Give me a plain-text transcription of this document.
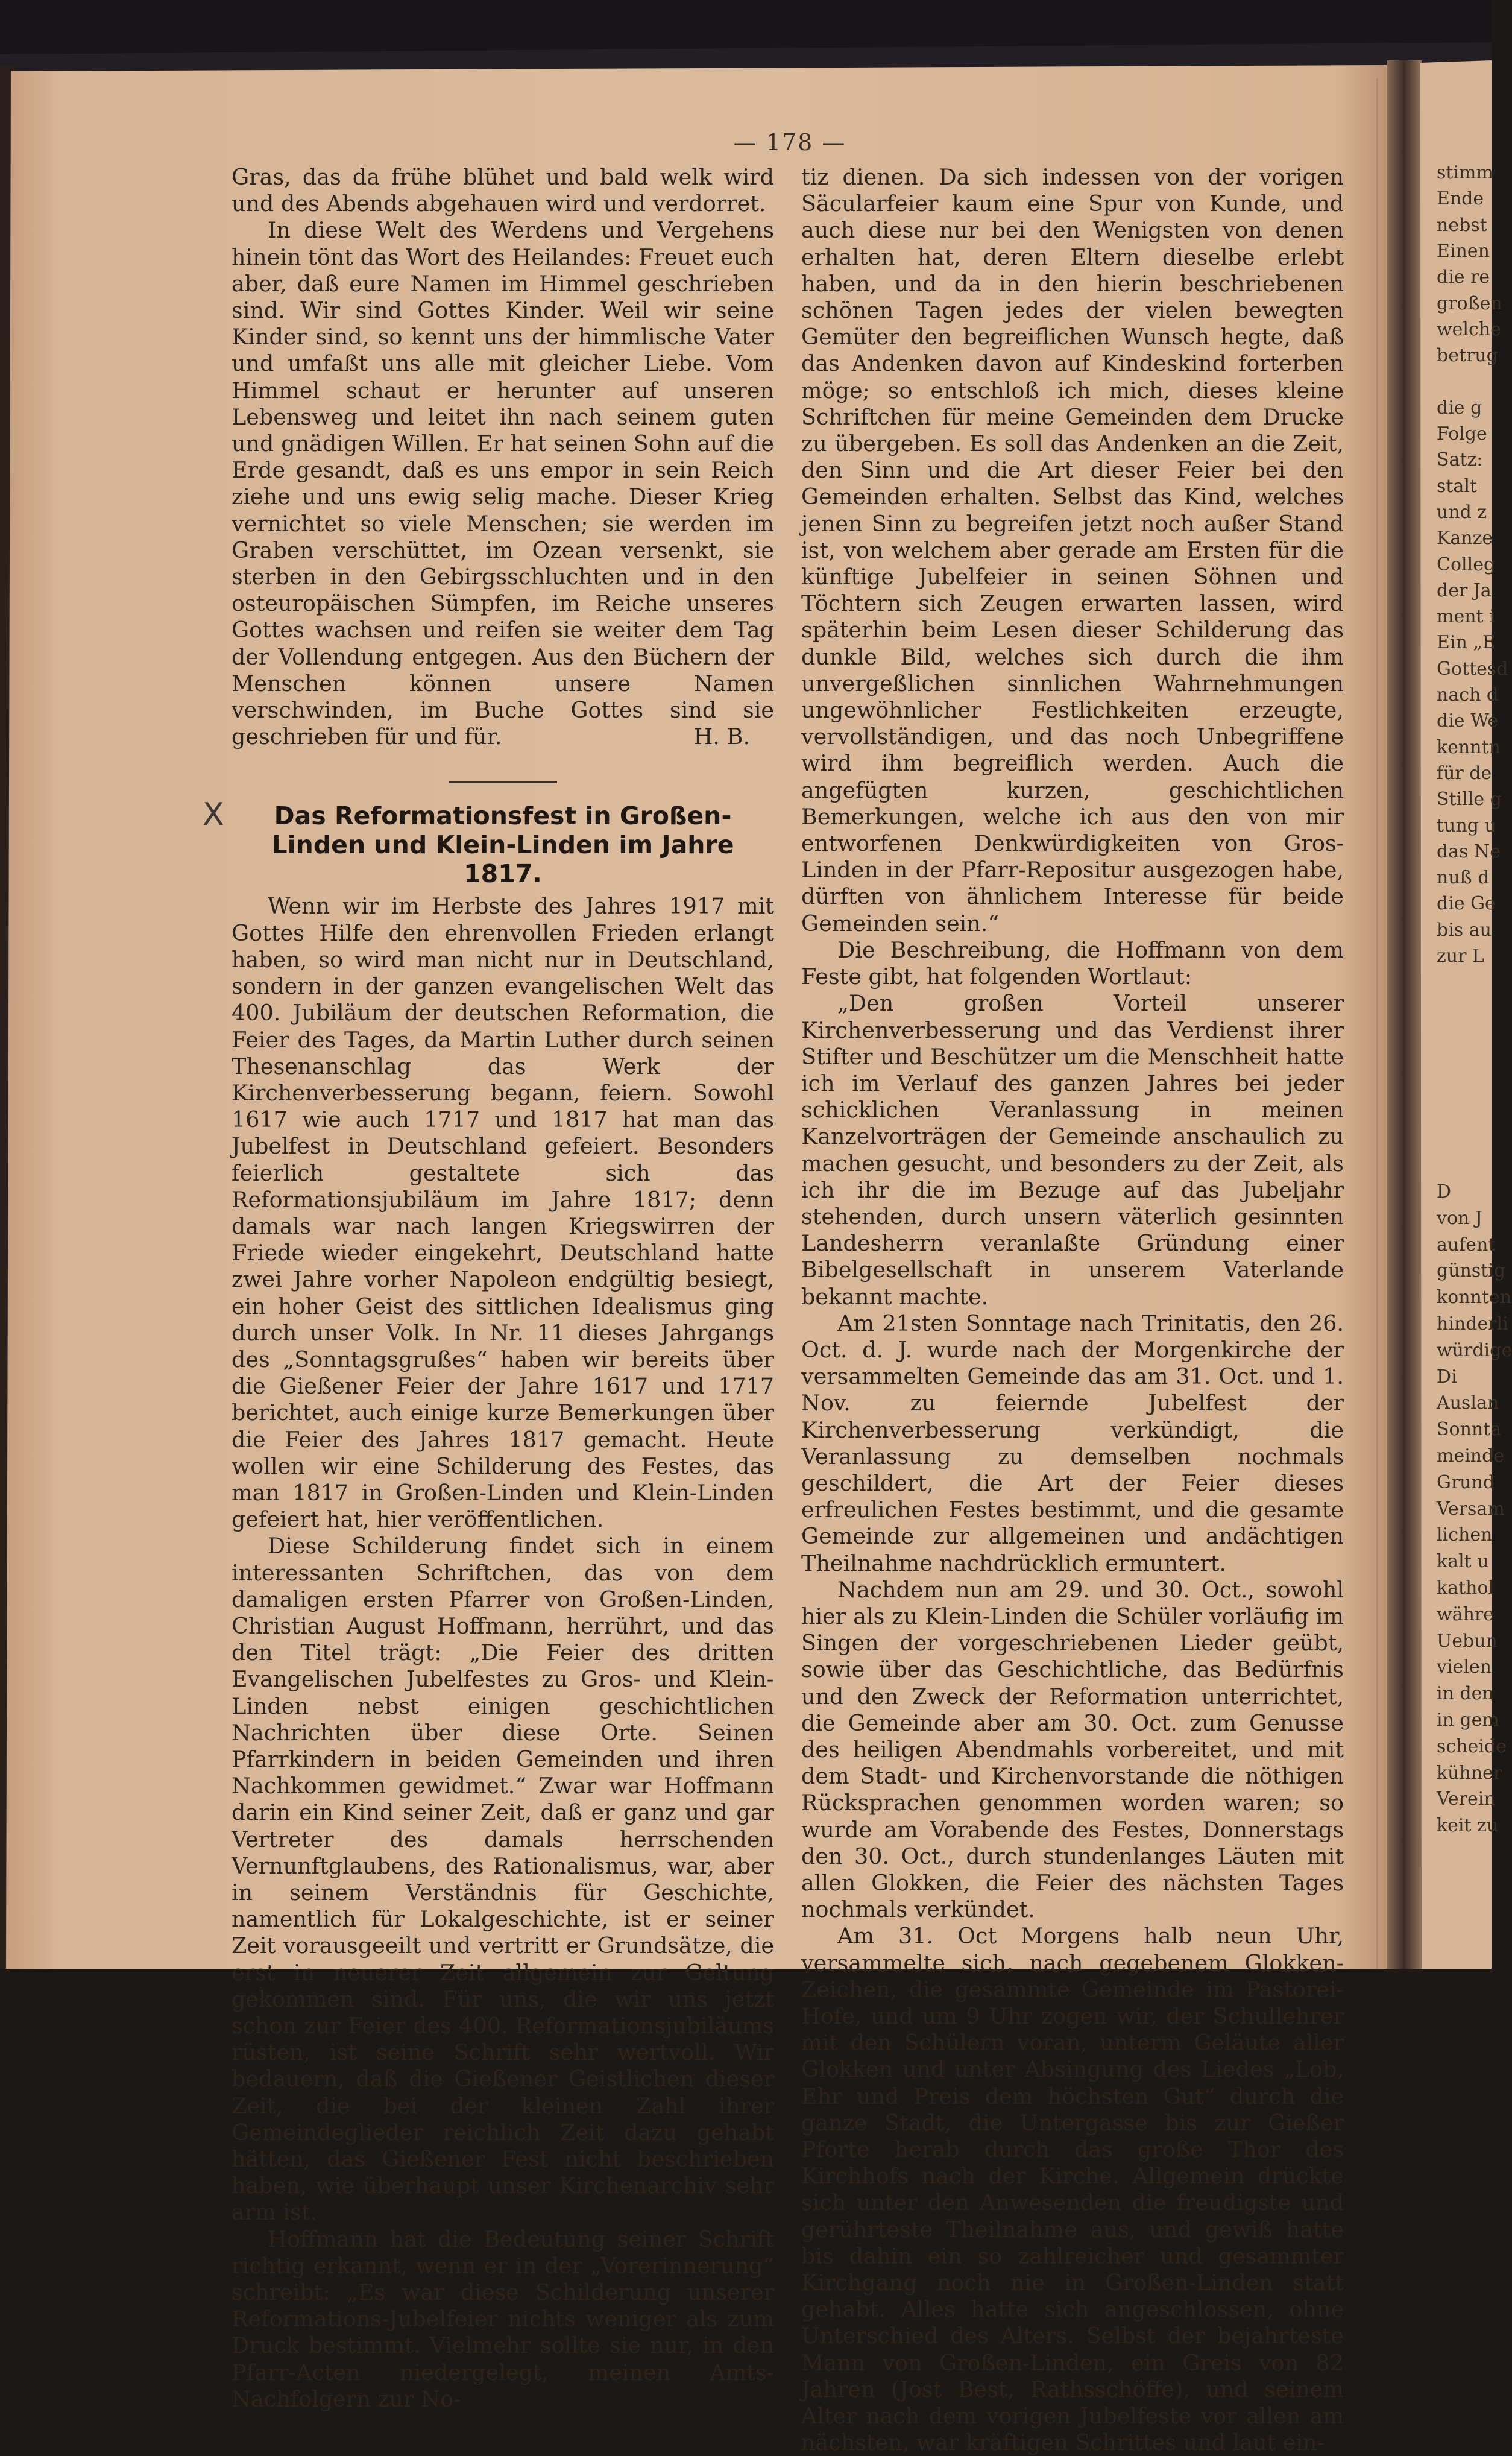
— 178 —

Gras, das da frühe blühet und bald welk wird und des Abends abgehauen wird und verdorret.

In diese Welt des Werdens und Vergehens hinein tönt das Wort des Heilandes: Freuet euch aber, daß eure Namen im Himmel geschrieben sind. Wir sind Gottes Kinder. Weil wir seine Kinder sind, so kennt uns der himmlische Vater und umfaßt uns alle mit gleicher Liebe. Vom Himmel schaut er herunter auf unseren Lebensweg und leitet ihn nach seinem guten und gnädigen Willen. Er hat seinen Sohn auf die Erde gesandt, daß es uns empor in sein Reich ziehe und uns ewig selig mache. Dieser Krieg vernichtet so viele Menschen; sie werden im Graben verschüttet, im Ozean versenkt, sie sterben in den Gebirgsschluchten und in den osteuropäischen Sümpfen, im Reiche unseres Gottes wachsen und reifen sie weiter dem Tag der Vollendung entgegen. Aus den Büchern der Menschen können unsere Namen verschwinden, im Buche Gottes sind sie geschrieben für und für.	H. B.
X Das Reformationsfest in Großen-Linden und Klein-Linden im Jahre 1817.

Wenn wir im Herbste des Jahres 1917 mit Gottes Hilfe den ehrenvollen Frieden erlangt haben, so wird man nicht nur in Deutschland, sondern in der ganzen evangelischen Welt das 400. Jubiläum der deutschen Reformation, die Feier des Tages, da Martin Luther durch seinen Thesenanschlag das Werk der Kirchenverbesserung begann, feiern. Sowohl 1617 wie auch 1717 und 1817 hat man das Jubelfest in Deutschland gefeiert. Besonders feierlich gestaltete sich das Reformationsjubiläum im Jahre 1817; denn damals war nach langen Kriegswirren der Friede wieder eingekehrt, Deutschland hatte zwei Jahre vorher Napoleon endgültig besiegt, ein hoher Geist des sittlichen Idealismus ging durch unser Volk. In Nr. 11 dieses Jahrgangs des „Sonntagsgrußes“ haben wir bereits über die Gießener Feier der Jahre 1617 und 1717 berichtet, auch einige kurze Bemerkungen über die Feier des Jahres 1817 gemacht. Heute wollen wir eine Schilderung des Festes, das man 1817 in Großen-Linden und Klein-Linden gefeiert hat, hier veröffentlichen.

Diese Schilderung findet sich in einem interessanten Schriftchen, das von dem damaligen ersten Pfarrer von Großen-Linden, Christian August Hoffmann, herrührt, und das den Titel trägt: „Die Feier des dritten Evangelischen Jubelfestes zu Gros- und Klein-Linden nebst einigen geschichtlichen Nachrichten über diese Orte. Seinen Pfarrkindern in beiden Gemeinden und ihren Nachkommen gewidmet.“ Zwar war Hoffmann darin ein Kind seiner Zeit, daß er ganz und gar Vertreter des damals herrschenden Vernunftglaubens, des Rationalismus, war, aber in seinem Verständnis für Geschichte, namentlich für Lokalgeschichte, ist er seiner Zeit vorausgeeilt und vertritt er Grundsätze, die erst in neuerer Zeit allgemein zur Geltung gekommen sind. Für uns, die wir uns jetzt schon zur Feier des 400. Reformationsjubiläums rüsten, ist seine Schrift sehr wertvoll. Wir bedauern, daß die Gießener Geistlichen dieser Zeit, die bei der kleinen Zahl ihrer Gemeindeglieder reichlich Zeit dazu gehabt hätten, das Gießener Fest nicht beschrieben haben, wie überhaupt unser Kirchenarchiv sehr arm ist.

Hoffmann hat die Bedeutung seiner Schrift richtig erkannt, wenn er in der „Vorerinnerung“ schreibt: „Es war diese Schilderung unserer Reformations-Jubelfeier nichts weniger als zum Druck bestimmt. Vielmehr sollte sie nur, in den Pfarr-Acten niedergelegt, meinen Amts-Nachfolgern zur No-

tiz dienen. Da sich indessen von der vorigen Säcularfeier kaum eine Spur von Kunde, und auch diese nur bei den Wenigsten von denen erhalten hat, deren Eltern dieselbe erlebt haben, und da in den hierin beschriebenen schönen Tagen jedes der vielen bewegten Gemüter den begreiflichen Wunsch hegte, daß das Andenken davon auf Kindeskind forterben möge; so entschloß ich mich, dieses kleine Schriftchen für meine Gemeinden dem Drucke zu übergeben. Es soll das Andenken an die Zeit, den Sinn und die Art dieser Feier bei den Gemeinden erhalten. Selbst das Kind, welches jenen Sinn zu begreifen jetzt noch außer Stand ist, von welchem aber gerade am Ersten für die künftige Jubelfeier in seinen Söhnen und Töchtern sich Zeugen erwarten lassen, wird späterhin beim Lesen dieser Schilderung das dunkle Bild, welches sich durch die ihm unvergeßlichen sinnlichen Wahrnehmungen ungewöhnlicher Festlichkeiten erzeugte, vervollständigen, und das noch Unbegriffene wird ihm begreiflich werden. Auch die angefügten kurzen, geschichtlichen Bemerkungen, welche ich aus den von mir entworfenen Denkwürdigkeiten von Gros-Linden in der Pfarr-Repositur ausgezogen habe, dürften von ähnlichem Interesse für beide Gemeinden sein.“

Die Beschreibung, die Hoffmann von dem Feste gibt, hat folgenden Wortlaut:

„Den großen Vorteil unserer Kirchenverbesserung und das Verdienst ihrer Stifter und Beschützer um die Menschheit hatte ich im Verlauf des ganzen Jahres bei jeder schicklichen Veranlassung in meinen Kanzelvorträgen der Gemeinde anschaulich zu machen gesucht, und besonders zu der Zeit, als ich ihr die im Bezuge auf das Jubeljahr stehenden, durch unsern väterlich gesinnten Landesherrn veranlaßte Gründung einer Bibelgesellschaft in unserem Vaterlande bekannt machte.

Am 21sten Sonntage nach Trinitatis, den 26. Oct. d. J. wurde nach der Morgenkirche der versammelten Gemeinde das am 31. Oct. und 1. Nov. zu feiernde Jubelfest der Kirchenverbesserung verkündigt, die Veranlassung zu demselben nochmals geschildert, die Art der Feier dieses erfreulichen Festes bestimmt, und die gesamte Gemeinde zur allgemeinen und andächtigen Theilnahme nachdrücklich ermuntert.

Nachdem nun am 29. und 30. Oct., sowohl hier als zu Klein-Linden die Schüler vorläufig im Singen der vorgeschriebenen Lieder geübt, sowie über das Geschichtliche, das Bedürfnis und den Zweck der Reformation unterrichtet, die Gemeinde aber am 30. Oct. zum Genusse des heiligen Abendmahls vorbereitet, und mit dem Stadt- und Kirchenvorstande die nöthigen Rücksprachen genommen worden waren; so wurde am Vorabende des Festes, Donnerstags den 30. Oct., durch stundenlanges Läuten mit allen Glokken, die Feier des nächsten Tages nochmals verkündet.

Am 31. Oct Morgens halb neun Uhr, versammelte sich, nach gegebenem Glokken-Zeichen, die gesammte Gemeinde im Pastorei-Hofe, und um 9 Uhr zogen wir, der Schullehrer mit den Schülern voran, unterm Geläute aller Glokken und unter Absingung des Liedes „Lob, Ehr und Preis dem höchsten Gut“ durch die ganze Stadt, die Untergasse bis zur Gießer Pforte herab durch das große Thor des Kirchhofs nach der Kirche. Allgemein drückte sich unter den Anwesenden die freudigste und gerührteste Theilnahme aus, und gewiß hatte bis dahin ein so zahlreicher und gesammter Kirchgang noch nie in Großen-Linden statt gehabt. Alles hatte sich angeschlossen, ohne Unterschied des Alters. Selbst der bejahrteste Mann von Großen-Linden, ein Greis von 82 Jahren (Jost Best, Rathsschöffe), und seinem Alter nach dem vorigen Jubelfeste vor allen am nächsten, war kräftigen Schrittes und laut ein-

stimm
Ende
nebst
Einen
die re
großen
welche
betrug
die g
Folge
Satz:
stalt
und z
Kanze
Colleg
der Ja
ment i
Ein „E
Gottesd
nach d
die We
kenntn
für de
Stille g
tung u
das Ne
nuß d
die Ge
bis au
zur L
D
von J
aufent
günstig
konnten
hinderli
würdige
Di
Auslan
Sonnta
meinde
Grund
Versam
lichen
kalt u
kathol
währe
Uebun
vielen
in den
in gem
scheide
kühner
Verein
keit zu
